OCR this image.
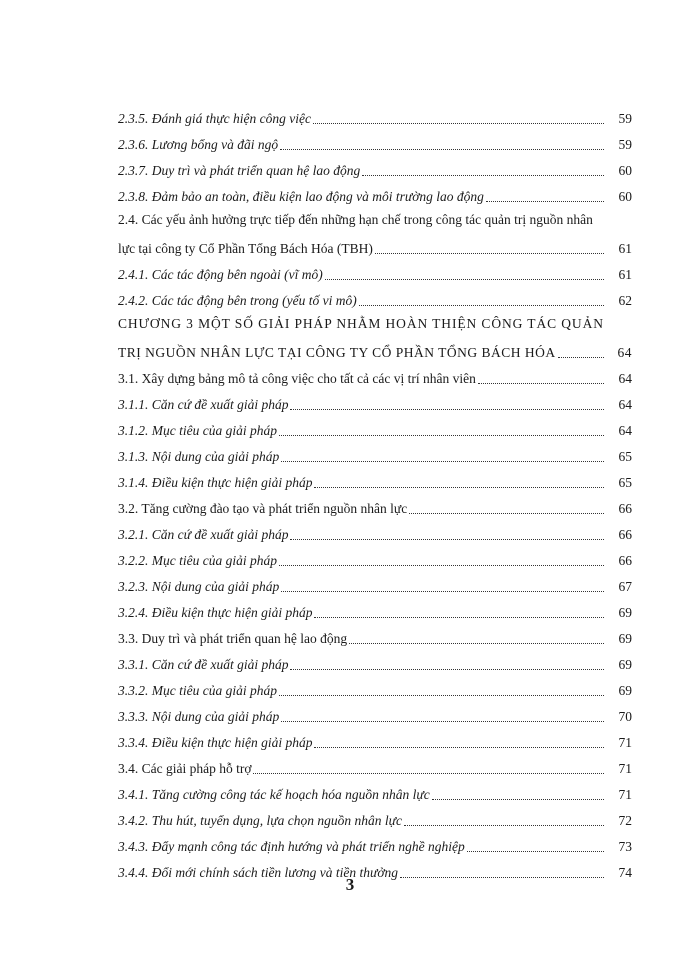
2.3.5. Đánh giá thực hiện công việc	59
2.3.6. Lương bổng và đãi ngộ	59
2.3.7. Duy trì và phát triển quan hệ lao động	60
2.3.8. Đảm bảo an toàn, điều kiện lao động và môi trường lao động	60
2.4. Các yếu ảnh hưởng trực tiếp đến những hạn chế trong công tác quản trị nguồn nhân
lực tại công ty Cổ Phần Tổng Bách Hóa (TBH)	61
2.4.1. Các tác động bên ngoài (vĩ mô)	61
2.4.2. Các tác động bên trong (yếu tố vi mô)	62
CHƯƠNG 3 MỘT SỐ GIẢI PHÁP NHẰM HOÀN THIỆN CÔNG TÁC QUẢN
TRỊ NGUỒN NHÂN LỰC TẠI CÔNG TY CỔ PHẦN TỔNG BÁCH HÓA	64
3.1. Xây dựng bảng mô tả công việc cho tất cả các vị trí nhân viên	64
3.1.1. Căn cứ đề xuất giải pháp	64
3.1.2. Mục tiêu của giải pháp	64
3.1.3. Nội dung của giải pháp	65
3.1.4. Điều kiện thực hiện giải pháp	65
3.2. Tăng cường đào tạo và phát triển nguồn nhân lực	66
3.2.1. Căn cứ đề xuất giải pháp	66
3.2.2. Mục tiêu của giải pháp	66
3.2.3. Nội dung của giải pháp	67
3.2.4. Điều kiện thực hiện giải pháp	69
3.3. Duy trì và phát triển quan hệ lao động	69
3.3.1. Căn cứ đề xuất giải pháp	69
3.3.2. Mục tiêu của giải pháp	69
3.3.3. Nội dung của giải pháp	70
3.3.4. Điều kiện thực hiện giải pháp	71
3.4. Các giải pháp hỗ trợ	71
3.4.1. Tăng cường công tác kế hoạch hóa nguồn nhân lực	71
3.4.2. Thu hút, tuyển dụng, lựa chọn nguồn nhân lực	72
3.4.3. Đẩy mạnh công tác định hướng và phát triển nghề nghiệp	73
3.4.4. Đổi mới chính sách tiền lương và tiền thưởng	74
3
